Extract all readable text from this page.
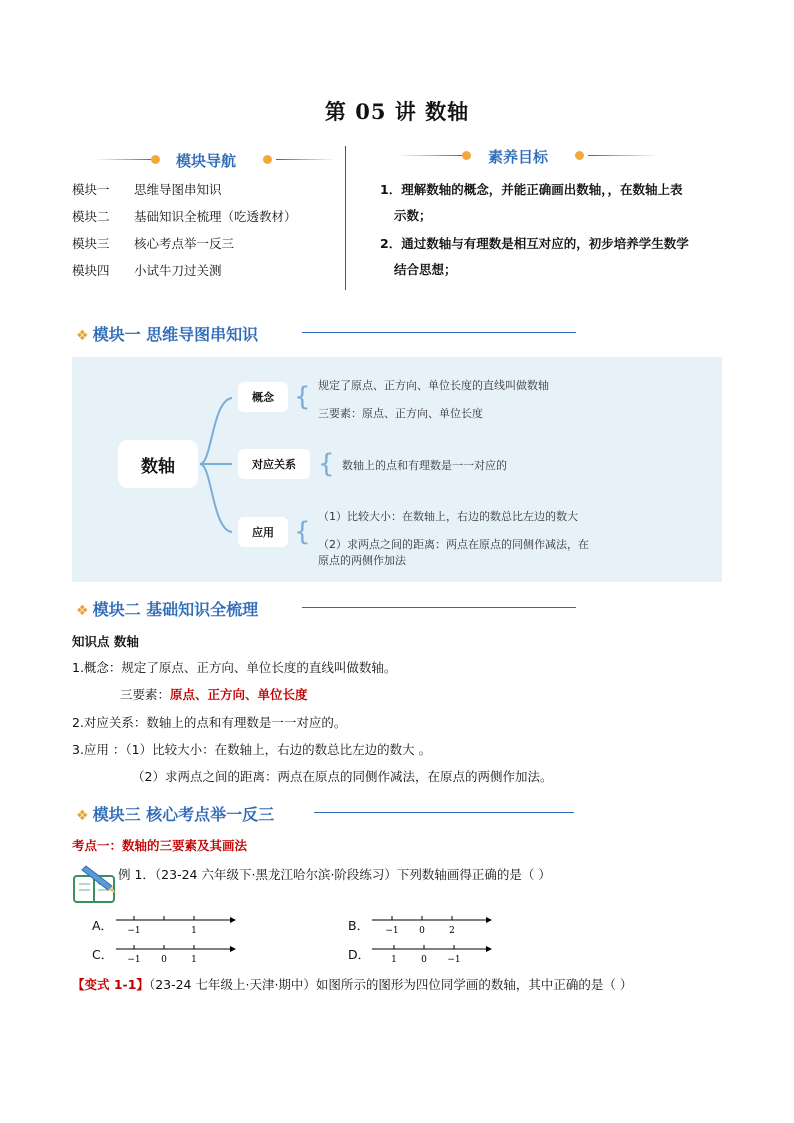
第 05 讲 数轴
模块导航
模块一 思维导图串知识
模块二 基础知识全梳理（吃透教材）
模块三 核心考点举一反三
模块四 小试牛刀过关测
素养目标
1．理解数轴的概念，并能正确画出数轴，，在数轴上表
示数；
2．通过数轴与有理数是相互对应的，初步培养学生数学
结合思想；
❖ 模块一 思维导图串知识
数轴
概念 { 规定了原点、正方向、单位长度的直线叫做数轴
三要素：原点、正方向、单位长度
对应关系 { 数轴上的点和有理数是一一对应的
应用 {
（1）比较大小：在数轴上，右边的数总比左边的数大
（2）求两点之间的距离：两点在原点的同侧作减法，在
原点的两侧作加法
❖ 模块二 基础知识全梳理
知识点 数轴
1.概念：规定了原点、正方向、单位长度的直线叫做数轴。
三要素：原点、正方向、单位长度
2.对应关系：数轴上的点和有理数是一一对应的。
3.应用 ：（1）比较大小：在数轴上，右边的数总比左边的数大 。
（2）求两点之间的距离：两点在原点的同侧作减法，在原点的两侧作加法。
❖ 模块三 核心考点举一反三
考点一：数轴的三要素及其画法
例 1．（23-24 六年级下·黑龙江哈尔滨·阶段练习）下列数轴画得正确的是（ ）
A． −1	1	B． −1 0	2
C． −1 0	1	D． 1	0 −1
【变式 1-1】（23-24 七年级上·天津·期中）如图所示的图形为四位同学画的数轴，其中正确的是（ ）
